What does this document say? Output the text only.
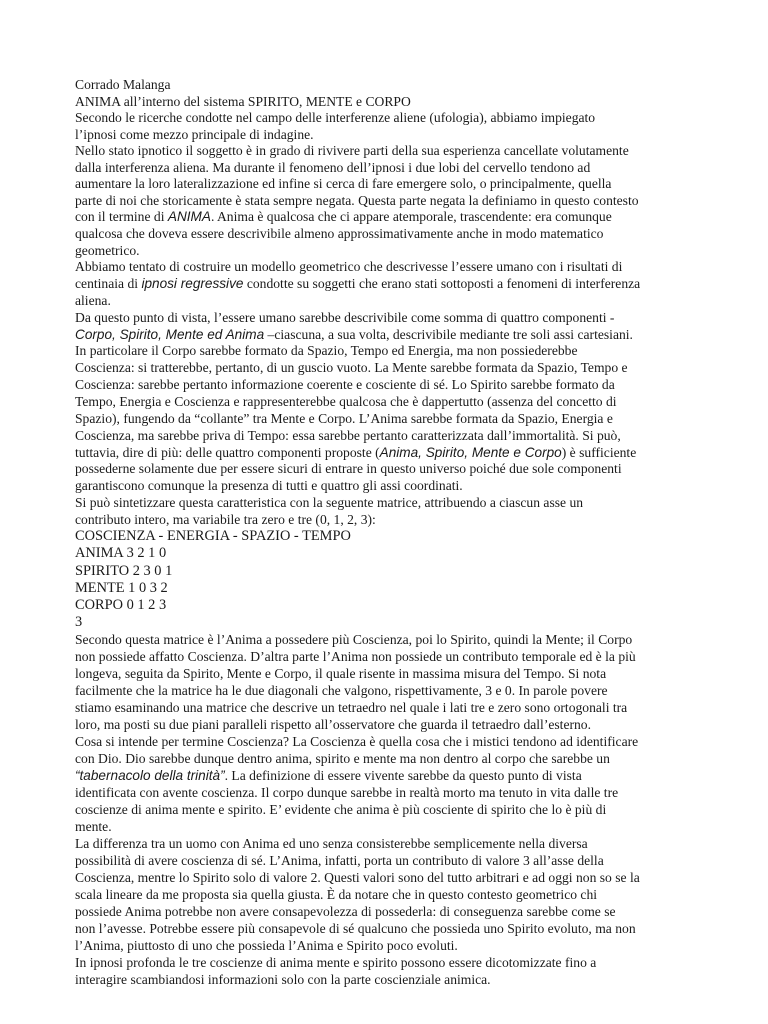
Corrado Malanga

ANIMA all’interno del sistema SPIRITO, MENTE e CORPO

Secondo le ricerche condotte nel campo delle interferenze aliene (ufologia), abbiamo impiegato

l’ipnosi come mezzo principale di indagine.

Nello stato ipnotico il soggetto è in grado di rivivere parti della sua esperienza cancellate volutamente

dalla interferenza aliena. Ma durante il fenomeno dell’ipnosi i due lobi del cervello tendono ad

aumentare la loro lateralizzazione ed infine si cerca di fare emergere solo, o principalmente, quella

parte di noi che storicamente è stata sempre negata. Questa parte negata la definiamo in questo contesto

con il termine di ANIMA. Anima è qualcosa che ci appare atemporale, trascendente: era comunque

qualcosa che doveva essere descrivibile almeno approssimativamente anche in modo matematico

geometrico.

Abbiamo tentato di costruire un modello geometrico che descrivesse l’essere umano con i risultati di

centinaia di ipnosi regressive condotte su soggetti che erano stati sottoposti a fenomeni di interferenza

aliena.

Da questo punto di vista, l’essere umano sarebbe descrivibile come somma di quattro componenti -

Corpo, Spirito, Mente ed Anima –ciascuna, a sua volta, descrivibile mediante tre soli assi cartesiani.

In particolare il Corpo sarebbe formato da Spazio, Tempo ed Energia, ma non possiederebbe

Coscienza: si tratterebbe, pertanto, di un guscio vuoto. La Mente sarebbe formata da Spazio, Tempo e

Coscienza: sarebbe pertanto informazione coerente e cosciente di sé. Lo Spirito sarebbe formato da

Tempo, Energia e Coscienza e rappresenterebbe qualcosa che è dappertutto (assenza del concetto di

Spazio), fungendo da “collante” tra Mente e Corpo. L’Anima sarebbe formata da Spazio, Energia e

Coscienza, ma sarebbe priva di Tempo: essa sarebbe pertanto caratterizzata dall’immortalità. Si può,

tuttavia, dire di più: delle quattro componenti proposte (Anima, Spirito, Mente e Corpo) è sufficiente

possederne solamente due per essere sicuri di entrare in questo universo poiché due sole componenti

garantiscono comunque la presenza di tutti e quattro gli assi coordinati.

Si può sintetizzare questa caratteristica con la seguente matrice, attribuendo a ciascun asse un

contributo intero, ma variabile tra zero e tre (0, 1, 2, 3):

COSCIENZA - ENERGIA - SPAZIO - TEMPO

ANIMA 3 2 1 0

SPIRITO 2 3 0 1

MENTE 1 0 3 2

CORPO 0 1 2 3

3

Secondo questa matrice è l’Anima a possedere più Coscienza, poi lo Spirito, quindi la Mente; il Corpo

non possiede affatto Coscienza. D’altra parte l’Anima non possiede un contributo temporale ed è la più

longeva, seguita da Spirito, Mente e Corpo, il quale risente in massima misura del Tempo. Si nota

facilmente che la matrice ha le due diagonali che valgono, rispettivamente, 3 e 0. In parole povere

stiamo esaminando una matrice che descrive un tetraedro nel quale i lati tre e zero sono ortogonali tra

loro, ma posti su due piani paralleli rispetto all’osservatore che guarda il tetraedro dall’esterno.

Cosa si intende per termine Coscienza? La Coscienza è quella cosa che i mistici tendono ad identificare

con Dio. Dio sarebbe dunque dentro anima, spirito e mente ma non dentro al corpo che sarebbe un

“tabernacolo della trinità”. La definizione di essere vivente sarebbe da questo punto di vista

identificata con avente coscienza. Il corpo dunque sarebbe in realtà morto ma tenuto in vita dalle tre

coscienze di anima mente e spirito. E’ evidente che anima è più cosciente di spirito che lo è più di

mente.

La differenza tra un uomo con Anima ed uno senza consisterebbe semplicemente nella diversa

possibilità di avere coscienza di sé. L’Anima, infatti, porta un contributo di valore 3 all’asse della

Coscienza, mentre lo Spirito solo di valore 2. Questi valori sono del tutto arbitrari e ad oggi non so se la

scala lineare da me proposta sia quella giusta. È da notare che in questo contesto geometrico chi

possiede Anima potrebbe non avere consapevolezza di possederla: di conseguenza sarebbe come se

non l’avesse. Potrebbe essere più consapevole di sé qualcuno che possieda uno Spirito evoluto, ma non

l’Anima, piuttosto di uno che possieda l’Anima e Spirito poco evoluti.

In ipnosi profonda le tre coscienze di anima mente e spirito possono essere dicotomizzate fino a

interagire scambiandosi informazioni solo con la parte coscienziale animica.
